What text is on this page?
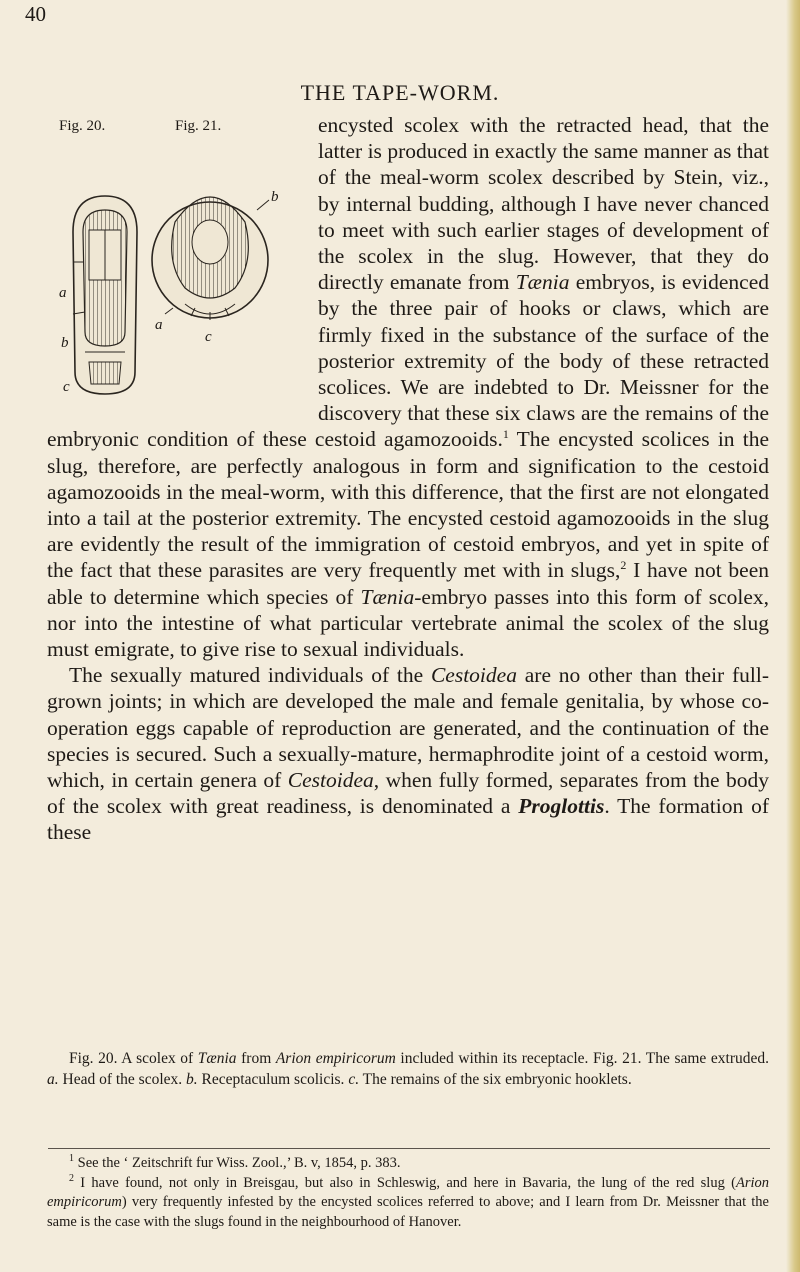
40
THE TAPE-WORM.
Fig. 20.	Fig. 21.
a
b
c
b
a
c

encysted scolex with the retracted head, that the latter is produced in exactly the same manner as that of the meal-worm scolex described by Stein, viz., by internal budding, although I have never chanced to meet with such earlier stages of development of the scolex in the slug. However, that they do directly emanate from Tænia embryos, is evidenced by the three pair of hooks or claws, which are firmly fixed in the substance of the surface of the posterior extremity of the body of these retracted scolices. We are indebted to Dr. Meissner for the discovery that these six claws are the remains of the embryonic condition of these cestoid agamozooids.$^1$ The encysted scolices in the slug, therefore, are perfectly analogous in form and signification to the cestoid agamozooids in the meal-worm, with this difference, that the first are not elongated into a tail at the posterior extremity. The encysted cestoid agamozooids in the slug are evidently the result of the immigration of cestoid embryos, and yet in spite of the fact that these parasites are very frequently met with in slugs,$^2$ I have not been able to determine which species of Tænia-embryo passes into this form of scolex, nor into the intestine of what particular vertebrate animal the scolex of the slug must emigrate, to give rise to sexual individuals.

The sexually matured individuals of the Cestoidea are no other than their full-grown joints; in which are developed the male and female genitalia, by whose co-operation eggs capable of reproduction are generated, and the continuation of the species is secured. Such a sexually-mature, hermaphrodite joint of a cestoid worm, which, in certain genera of Cestoidea, when fully formed, separates from the body of the scolex with great readiness, is denominated a Proglottis. The formation of these

Fig. 20. A scolex of Tænia from Arion empiricorum included within its receptacle. Fig. 21. The same extruded. a. Head of the scolex. b. Receptaculum scolicis. c. The remains of the six embryonic hooklets.

$^1$ See the ‘ Zeitschrift fur Wiss. Zool.,’ B. v, 1854, p. 383.

$^2$ I have found, not only in Breisgau, but also in Schleswig, and here in Bavaria, the lung of the red slug (Arion empiricorum) very frequently infested by the encysted scolices referred to above; and I learn from Dr. Meissner that the same is the case with the slugs found in the neighbourhood of Hanover.
